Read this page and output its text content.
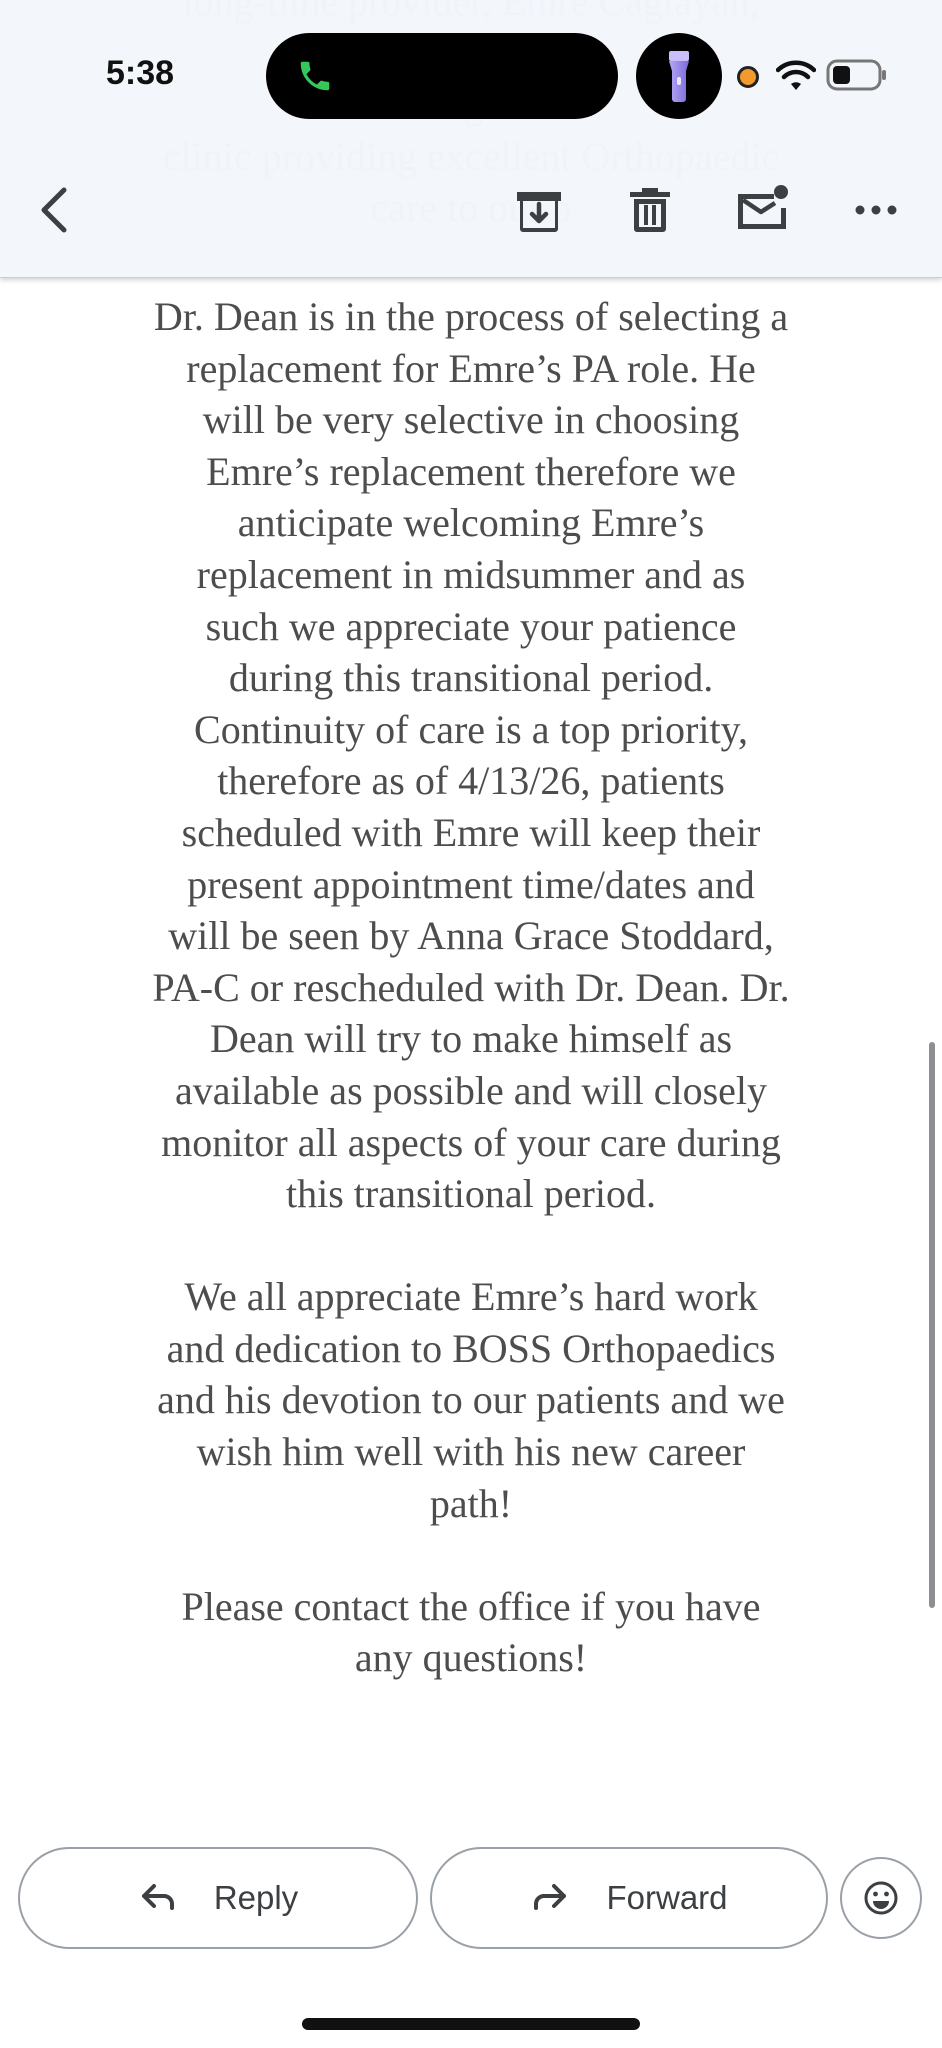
Dr. Dean is in the process of selecting a
replacement for Emre’s PA role. He
will be very selective in choosing
Emre’s replacement therefore we
anticipate welcoming Emre’s
replacement in midsummer and as
such we appreciate your patience
during this transitional period.
Continuity of care is a top priority,
therefore as of 4/13/26, patients
scheduled with Emre will keep their
present appointment time/dates and
will be seen by Anna Grace Stoddard,
PA-C or rescheduled with Dr. Dean. Dr.
Dean will try to make himself as
available as possible and will closely
monitor all aspects of your care during
this transitional period.
We all appreciate Emre’s hard work
and dedication to BOSS Orthopaedics
and his devotion to our patients and we
wish him well with his new career
path!
Please contact the office if you have
any questions!
5:38
Reply	Forward
